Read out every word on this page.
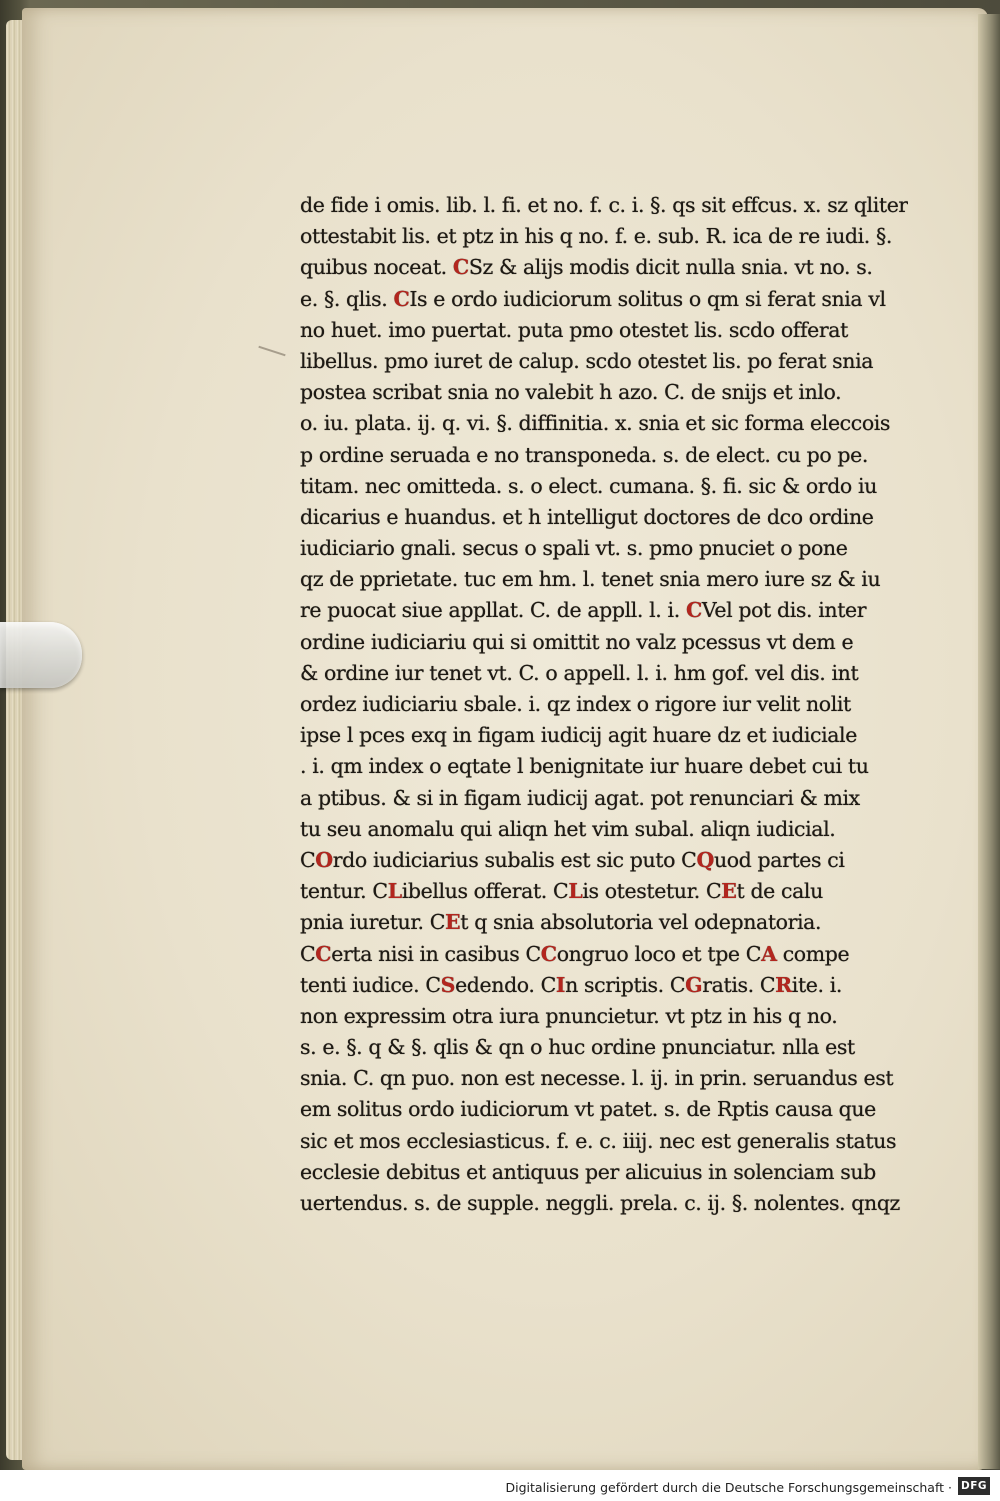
de fide i omis. lib. l. fi. et no. f. c. i. §. qs sit effcus. x. sz qliter
ottestabit lis. et ptz in his q no. f. e. sub. R. ica de re iudi. §.
quibus noceat. CSz & alijs modis dicit nulla snia. vt no. s.
e. §. qlis. CIs e ordo iudiciorum solitus o qm si ferat snia vl
no huet. imo puertat. puta pmo otestet lis. scdo offerat
libellus. pmo iuret de calup. scdo otestet lis. po ferat snia
postea scribat snia no valebit h azo. C. de snijs et inlo.
o. iu. plata. ij. q. vi. §. diffinitia. x. snia et sic forma eleccois
p ordine seruada e no transponeda. s. de elect. cu po pe.
titam. nec omitteda. s. o elect. cumana. §. fi. sic & ordo iu
dicarius e huandus. et h intelligut doctores de dco ordine
iudiciario gnali. secus o spali vt. s. pmo pnuciet o pone
qz de pprietate. tuc em hm. l. tenet snia mero iure sz & iu
re puocat siue appllat. C. de appll. l. i. CVel pot dis. inter
ordine iudiciariu qui si omittit no valz pcessus vt dem e
& ordine iur tenet vt. C. o appell. l. i. hm gof. vel dis. int
ordez iudiciariu sbale. i. qz index o rigore iur velit nolit
ipse l pces exq in figam iudicij agit huare dz et iudiciale
. i. qm index o eqtate l benignitate iur huare debet cui tu
a ptibus. & si in figam iudicij agat. pot renunciari & mix
tu seu anomalu qui aliqn het vim subal. aliqn iudicial.
COrdo iudiciarius subalis est sic puto CQuod partes ci
tentur. CLibellus offerat. CLis otestetur. CEt de calu
pnia iuretur. CEt q snia absolutoria vel odepnatoria.
CCerta nisi in casibus CCongruo loco et tpe CA compe
tenti iudice. CSedendo. CIn scriptis. CGratis. CRite. i.
non expressim otra iura pnuncietur. vt ptz in his q no.
s. e. §. q & §. qlis & qn o huc ordine pnunciatur. nlla est
snia. C. qn puo. non est necesse. l. ij. in prin. seruandus est
em solitus ordo iudiciorum vt patet. s. de Rptis causa que
sic et mos ecclesiasticus. f. e. c. iiij. nec est generalis status
ecclesie debitus et antiquus per alicuius in solenciam sub
uertendus. s. de supple. neggli. prela. c. ij. §. nolentes. qnqz
Digitalisierung gefördert durch die Deutsche Forschungsgemeinschaft · DFG
